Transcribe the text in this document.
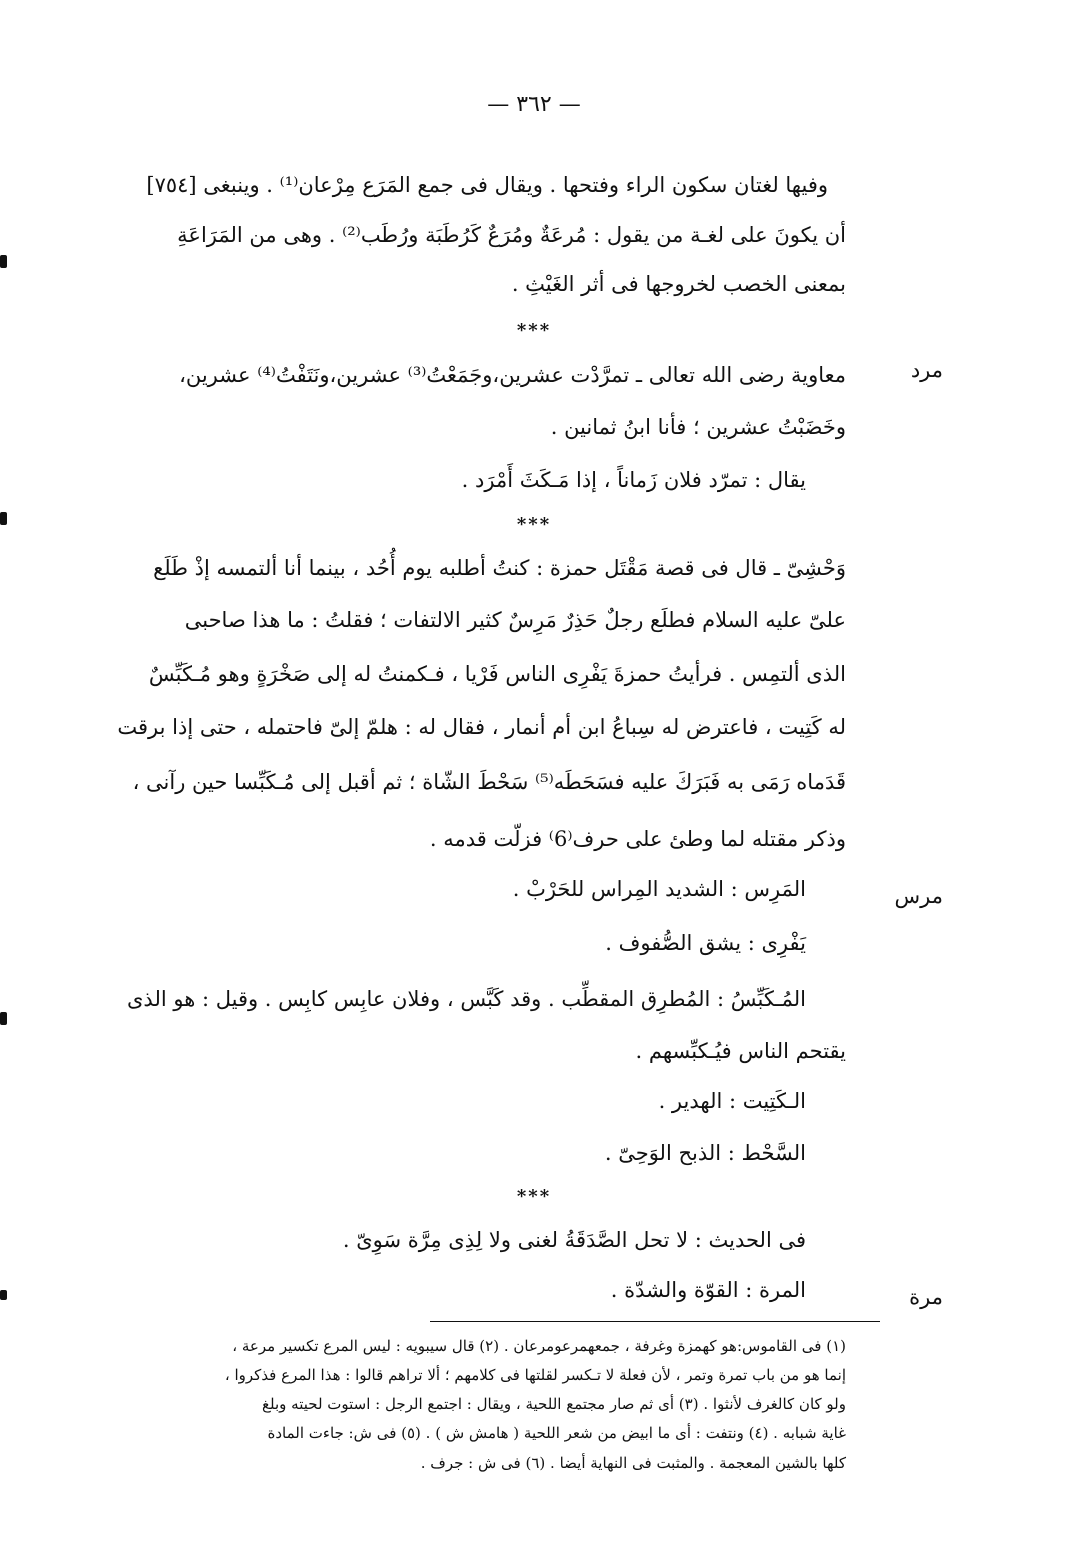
— ٣٦٢ —
وفيها لغتان سكون الراء وفتحها . ويقال فى جمع المَرَع مِرْعان⁽¹⁾ . وينبغى [٧٥٤]
أن يكونَ على لغـة من يقول : مُرعَةٌ ومُرَعٌ كَرُطَبَة ورُطَب⁽²⁾ . وهى من المَرَاعَةِ
بمعنى الخصب لخروجها فى أثر الغَيْثِ .
***
مرد
معاوية رضى الله تعالى ـ تمرَّدْت عشرين،وجَمَعْتُ⁽³⁾ عشرين،ونَتَفْتُ⁽⁴⁾ عشرين،
وخَضَبْتُ عشرين ؛ فأنا ابنُ ثمانين .
يقال : تمرّد فلان زَماناً ، إذا مَـكَثَ أَمْرَد .
***
وَحْشِىّ ـ قال فى قصة مَقْتَل حمزة : كنتُ أطلبه يوم أُحُد ، بينما أنا ألتمسه إذْ طَلَع
علىّ عليه السلام فطلَع رجلٌ حَذِرٌ مَرِسٌ كثير الالتفات ؛ فقلتُ : ما هذا صاحبى
الذى ألتمِس . فرأيتُ حمزةَ يَفْرِى الناس فَرْيا ، فـكمنتُ له إلى صَخْرَةٍ وهو مُـكَبِّسٌ
له كَتِيت ، فاعترض له سِباعُ ابن أم أنمار ، فقال له : هلمّ إلىّ فاحتمله ، حتى إذا برقت
قَدَماه رَمَى به فَبَرَكَ عليه فسَحَطَه⁽⁵⁾ سَحْطَ الشّاة ؛ ثم أقبل إلى مُـكَبِّسا حين رآنى ،
وذكر مقتله لما وطئ على حرف⁽6⁾ فزلّت قدمه .
مرس
المَرِس : الشديد المِراس للحَرْبْ .
يَفْرِى : يشق الصُّفوف .
المُـكَبِّسُ : المُطرِق المقطِّب . وقد كَبَّس ، وفلان عابِس كابِس . وقيل : هو الذى
يقتحم الناس فيُـكبِّسهم .
الـكَتِيت : الهدير .
السَّحْط : الذبح الوَحِىّ .
***
فى الحديث : لا تحل الصَّدَقَةُ لغنى ولا لِذِى مِرَّة سَوِىّ .
مرة
المرة : القوّة والشدّة .
(١) فى القاموس:هو كهمزة وغرفة ، جمعهمرعومرعان . (٢) قال سيبويه : ليس المرع تكسير مرعة ،
إنما هو من باب تمرة وتمر ، لأن فعلة لا تـكسر لقلتها فى كلامهم ؛ ألا تراهم قالوا : هذا المرع فذكروا ،
ولو كان كالغرف لأنثوا . (٣) أى ثم صار مجتمع اللحية ، ويقال : اجتمع الرجل : استوت لحيته وبلغ
غاية شبابه . (٤) ونتفت : أى ما ابيض من شعر اللحية ( هامش ش ) . (٥) فى ش: جاءت المادة
كلها بالشين المعجمة . والمثبت فى النهاية أيضا . (٦) فى ش : جرف .
